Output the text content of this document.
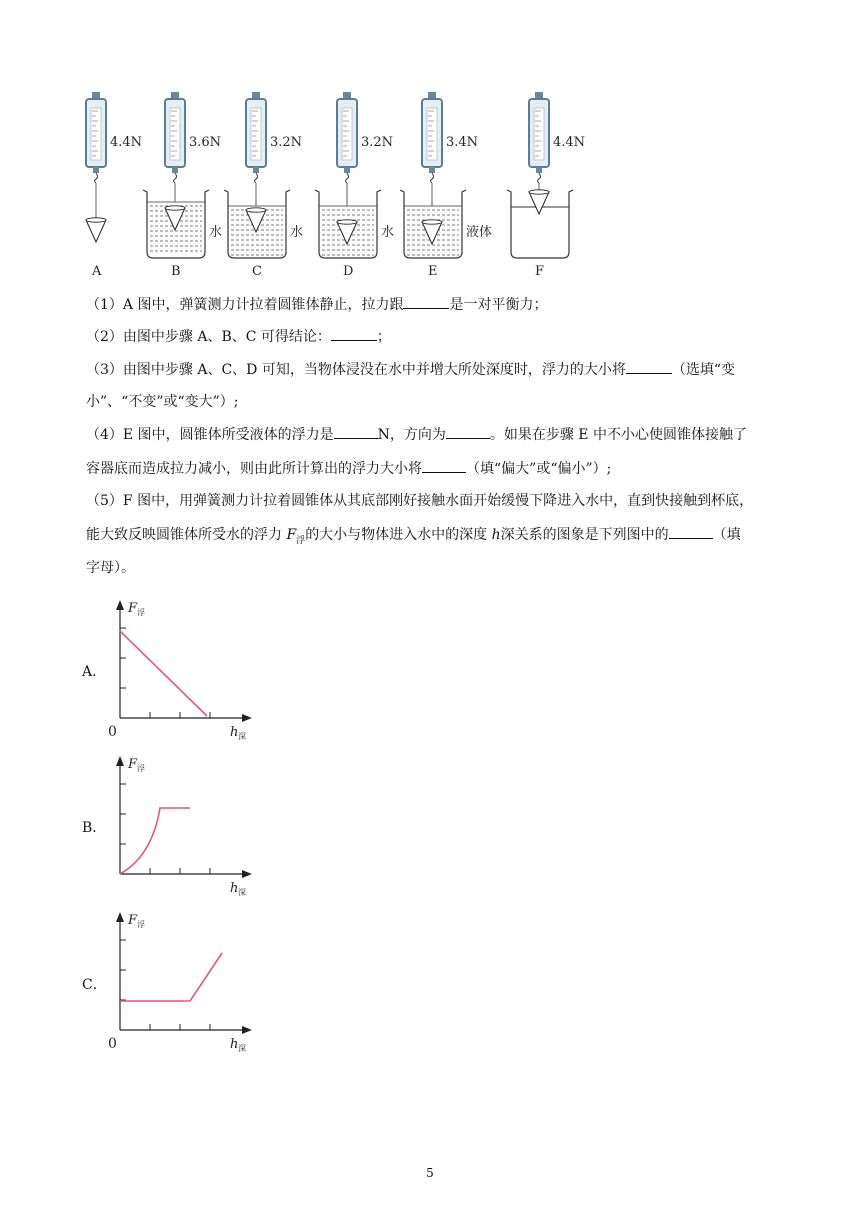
4.4N
A
3.6N
水
B
3.2N
水
C
3.2N
水
D
3.4N
液体
E
4.4N
F
（1）A 图中，弹簧测力计拉着圆锥体静止，拉力跟	是一对平衡力；
（2）由图中步骤 A、B、C 可得结论：	；
（3）由图中步骤 A、C、D 可知，当物体浸没在水中并增大所处深度时，浮力的大小将	（选填“变
小”、“不变”或“变大”）;
（4）E 图中，圆锥体所受液体的浮力是	N，方向为	。如果在步骤 E 中不小心使圆锥体接触了
容器底而造成拉力减小，则由此所计算出的浮力大小将	（填“偏大”或“偏小”）;
（5）F 图中，用弹簧测力计拉着圆锥体从其底部刚好接触水面开始缓慢下降进入水中，直到快接触到杯底，
能大致反映圆锥体所受水的浮力 $F_浮$的大小与物体进入水中的深度 h深关系的图象是下列图中的	（填
字母）。
A．
B．
C．
F 浮
h 深
0
F 浮
h 深
F 浮
h 深
0
5
